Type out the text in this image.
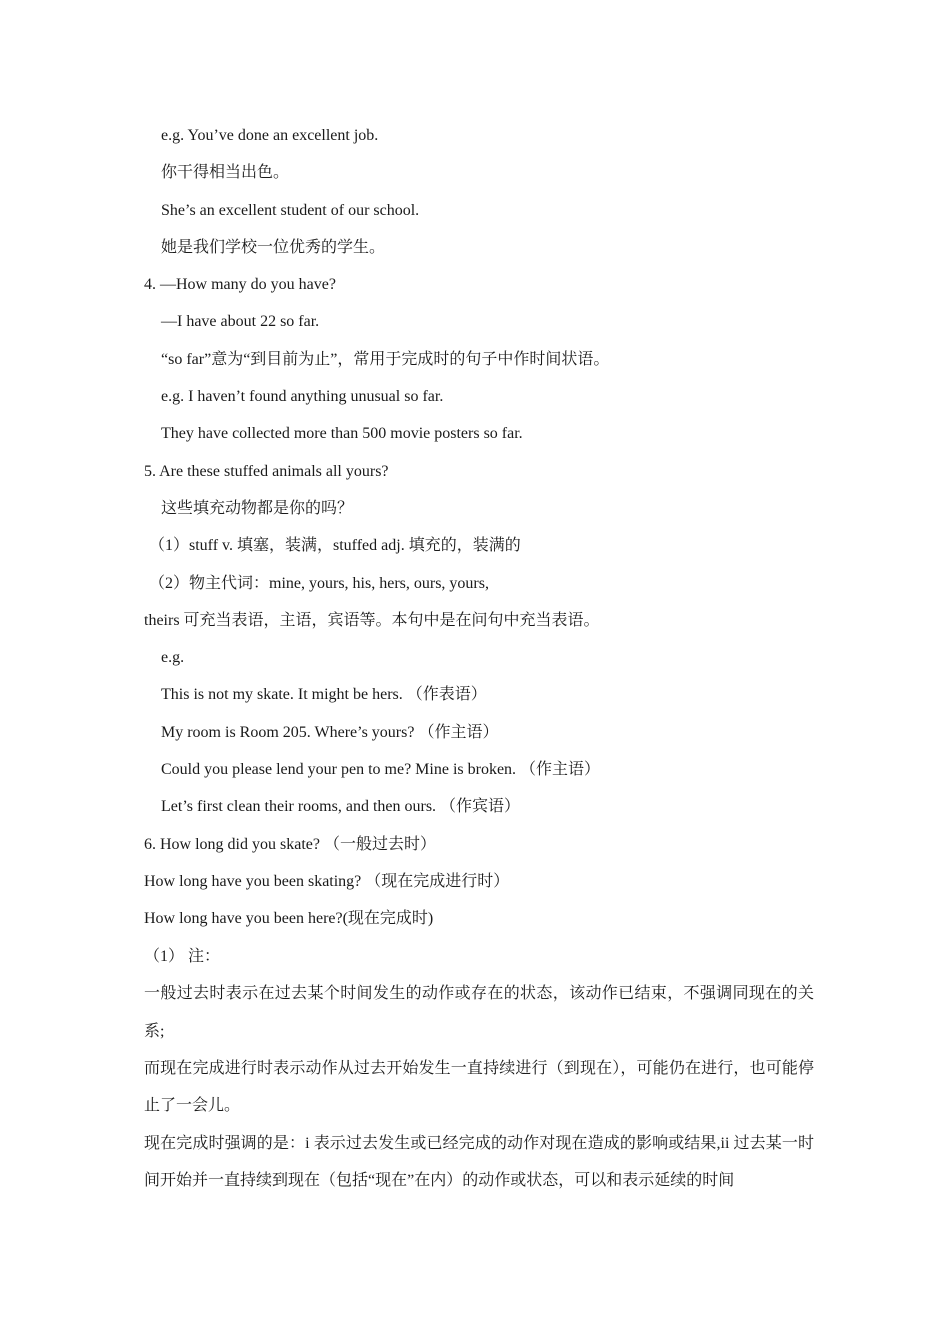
e.g. You’ve done an excellent job.
你干得相当出色。
She’s an excellent student of our school.
她是我们学校一位优秀的学生。
4. —How many do you have?
—I have about 22 so far.
“so far”意为“到目前为止”，常用于完成时的句子中作时间状语。
e.g. I haven’t found anything unusual so far.
They have collected more than 500 movie posters so far.
5. Are these stuffed animals all yours?
这些填充动物都是你的吗？
（1）stuff v. 填塞，装满，stuffed adj. 填充的，装满的
（2）物主代词：mine, yours, his, hers, ours, yours,
theirs 可充当表语，主语，宾语等。本句中是在问句中充当表语。
e.g.
This is not my skate. It might be hers. （作表语）
My room is Room 205. Where’s yours? （作主语）
Could you please lend your pen to me? Mine is broken. （作主语）
Let’s first clean their rooms, and then ours. （作宾语）
6. How long did you skate? （一般过去时）
How long have you been skating? （现在完成进行时）
How long have you been here?(现在完成时)
（1） 注：
一般过去时表示在过去某个时间发生的动作或存在的状态，该动作已结束，不强调同现在的关系;
而现在完成进行时表示动作从过去开始发生一直持续进行（到现在），可能仍在进行，也可能停止了一会儿。
现在完成时强调的是：i 表示过去发生或已经完成的动作对现在造成的影响或结果,ii 过去某一时间开始并一直持续到现在（包括“现在”在内）的动作或状态，可以和表示延续的时间
